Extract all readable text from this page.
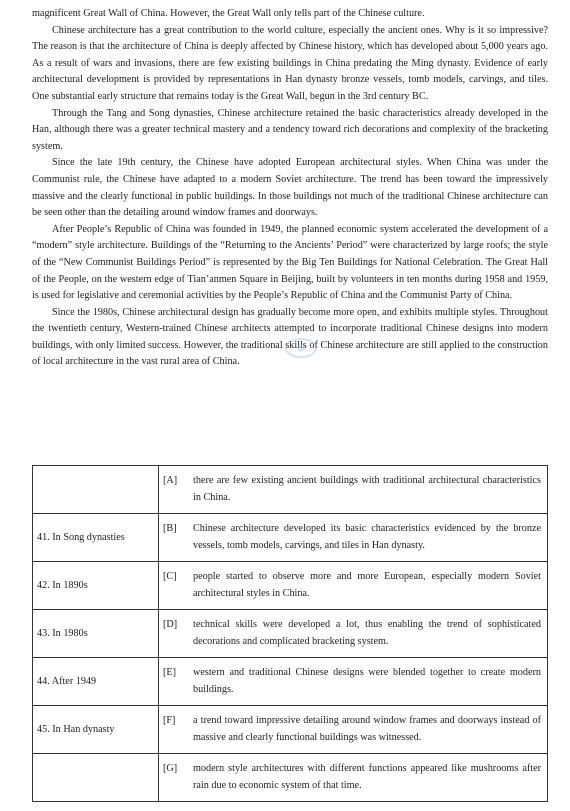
magnificent Great Wall of China. However, the Great Wall only tells part of the Chinese culture.

Chinese architecture has a great contribution to the world culture, especially the ancient ones. Why is it so impressive? The reason is that the architecture of China is deeply affected by Chinese history, which has developed about 5,000 years ago. As a result of wars and invasions, there are few existing buildings in China predating the Ming dynasty. Evidence of early architectural development is provided by representations in Han dynasty bronze vessels, tomb models, carvings, and tiles. One substantial early structure that remains today is the Great Wall, begun in the 3rd century BC.

Through the Tang and Song dynasties, Chinese architecture retained the basic characteristics already developed in the Han, although there was a greater technical mastery and a tendency toward rich decorations and complexity of the bracketing system.

Since the late 19th century, the Chinese have adopted European architectural styles. When China was under the Communist rule, the Chinese have adapted to a modern Soviet architecture. The trend has been toward the impressively massive and the clearly functional in public buildings. In those buildings not much of the traditional Chinese architecture can be seen other than the detailing around window frames and doorways.

After People’s Republic of China was founded in 1949, the planned economic system accelerated the development of a “modern” style architecture. Buildings of the “Returning to the Ancients’ Period” were characterized by large roofs; the style of the “New Communist Buildings Period” is represented by the Big Ten Buildings for National Celebration. The Great Hall of the People, on the western edge of Tian’anmen Square in Beijing, built by volunteers in ten months during 1958 and 1959, is used for legislative and ceremonial activities by the People’s Republic of China and the Communist Party of China.

Since the 1980s, Chinese architectural design has gradually become more open, and exhibits multiple styles. Throughout the twentieth century, Western-trained Chinese architects attempted to incorporate traditional Chinese designs into modern buildings, with only limited success. However, the traditional skills of Chinese architecture are still applied to the construction of local architecture in the vast rural area of China.

	[A] there are few existing ancient buildings with traditional architectural characteristics in China.

41. In Song dynasties	[B] Chinese architecture developed its basic characteristics evidenced by the bronze vessels, tomb models, carvings, and tiles in Han dynasty.

42. In 1890s	[C] people started to observe more and more European, especially modern Soviet architectural styles in China.

43. In 1980s	[D] technical skills were developed a lot, thus enabling the trend of sophisticated decorations and complicated bracketing system.

44. After 1949	[E] western and traditional Chinese designs were blended together to create modern buildings.

45. In Han dynasty	[F] a trend toward impressive detailing around window frames and doorways instead of massive and clearly functional buildings was witnessed.

	[G] modern style architectures with different functions appeared like mushrooms after rain due to economic system of that time.
